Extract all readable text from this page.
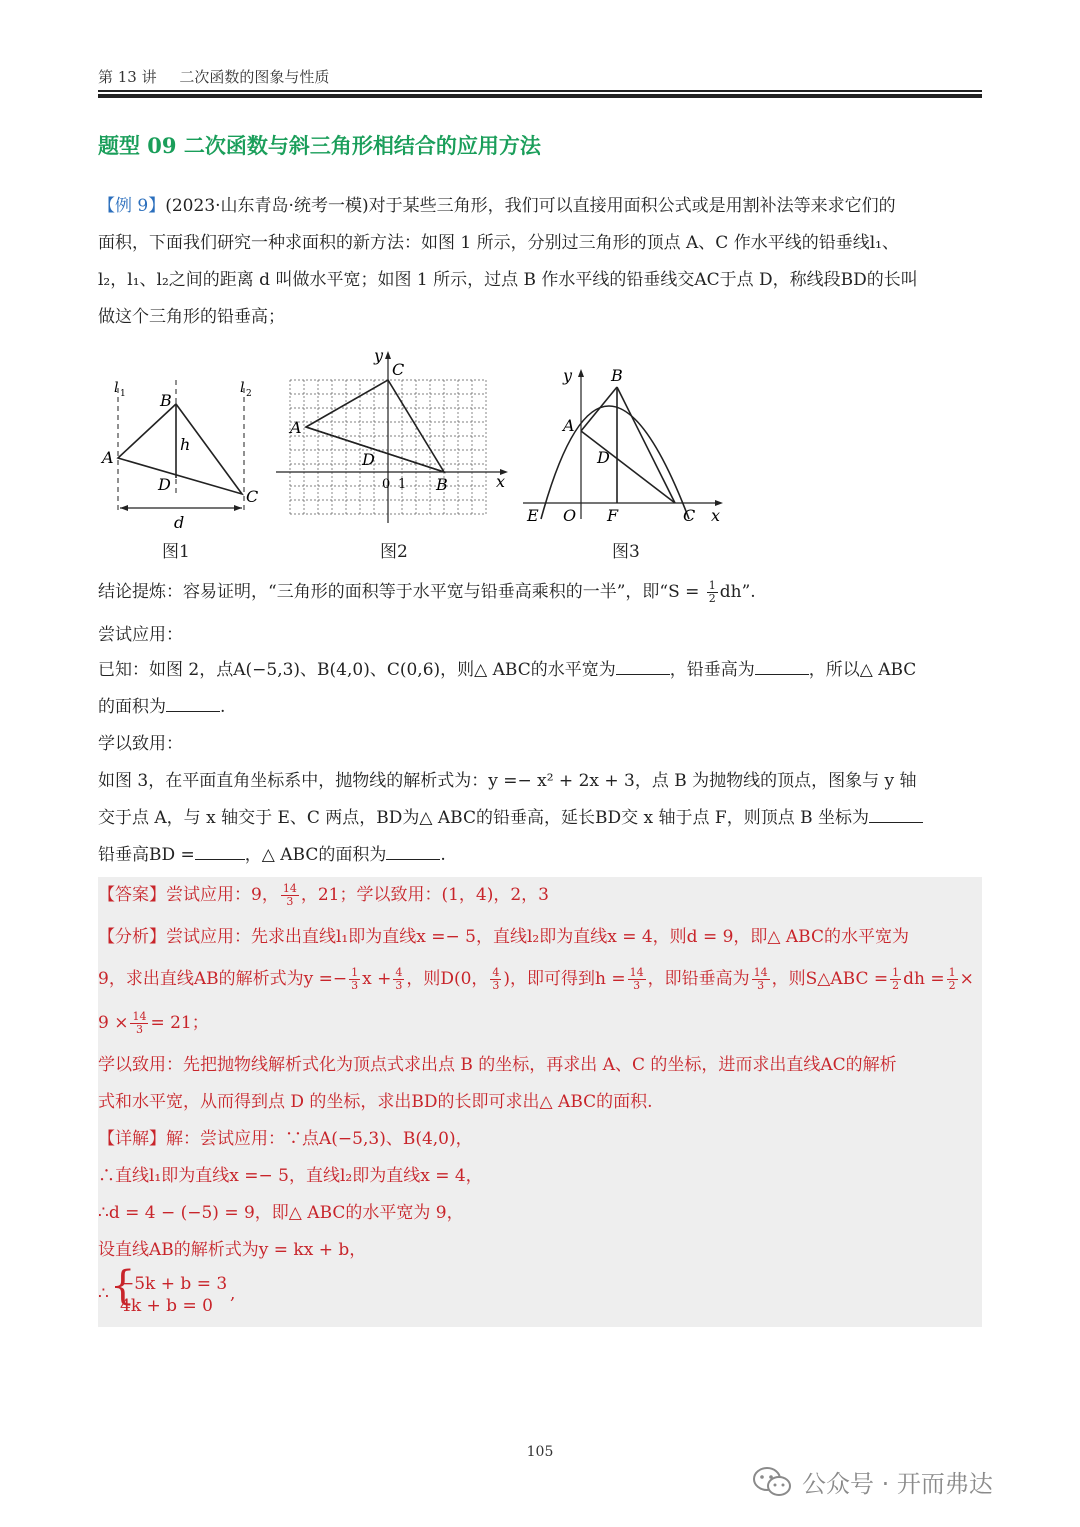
第 13 讲 二次函数的图象与性质
题型 09 二次函数与斜三角形相结合的应用方法
【例 9】(2023·山东青岛·统考一模)对于某些三角形，我们可以直接用面积公式或是用割补法等来求它们的
面积，下面我们研究一种求面积的新方法：如图 1 所示，分别过三角形的顶点 A、C 作水平线的铅垂线l₁、
l₂，l₁、l₂之间的距离 d 叫做水平宽；如图 1 所示，过点 B 作水平线的铅垂线交AC于点 D，称线段BD的长叫
做这个三角形的铅垂高；
l 1	l 2
A
B
C
D
h
d
图1
y
x
C
A
D
B
0 1
图2
y
x
B
A
D
E O F	C
图3
结论提炼：容易证明，“三角形的面积等于水平宽与铅垂高乘积的一半”，即“$S = \frac{1}{2}$ dh”.
尝试应用：
已知：如图 2，点A(−5,3)、B(4,0)、C(0,6)，则△ ABC的水平宽为	，铅垂高为	，所以△ ABC
的面积为	.
学以致用：
如图 3，在平面直角坐标系中，抛物线的解析式为：y =− x² + 2x + 3，点 B 为抛物线的顶点，图象与 y 轴
交于点 A，与 x 轴交于 E、C 两点，BD为△ ABC的铅垂高，延长BD交 x 轴于点 F，则顶点 B 坐标为
铅垂高BD =	，△ ABC的面积为	.
【答案】尝试应用：9， $\frac{14}{3}$ ，21；学以致用：(1，4)，2，3
【分析】尝试应用：先求出直线l₁即为直线x =− 5，直线l₂即为直线x = 4，则d = 9，即△ ABC的水平宽为
9，求出直线AB的解析式为$y =- \frac{1}{3}$ $x + \frac{4}{3}$ ，则D(0， $\frac{4}{3}$ )，即可得到$h = \frac{14}{3}$ ，即铅垂高为 $\frac{14}{3}$ ，则S△ABC = $\frac{1}{2}$ dh = $\frac{1}{2}$ ×
$9 \times \frac{14}{3} = 21$；
学以致用：先把抛物线解析式化为顶点式求出点 B 的坐标，再求出 A、C 的坐标，进而求出直线AC的解析
式和水平宽，从而得到点 D 的坐标，求出BD的长即可求出△ ABC的面积.
【详解】解：尝试应用：∵点A(−5,3)、B(4,0)，
∴直线l₁即为直线x =− 5，直线l₂即为直线x = 4，
∴d = 4 − (−5) = 9，即△ ABC的水平宽为 9，
设直线AB的解析式为y = kx + b，
∴ {
−5k + b = 3
4k + b = 0
,
105
公众号 · 开而弗达
